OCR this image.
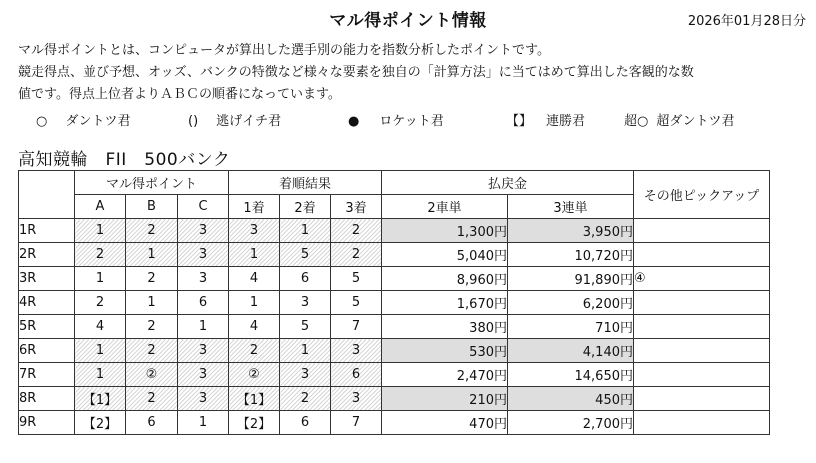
マル得ポイント情報	2026年01月28日分

マル得ポイントとは、コンピュータが算出した選手別の能力を指数分析したポイントです。

競走得点、並び予想、オッズ、バンクの特徴など様々な要素を独自の「計算方法」に当てはめて算出した客観的な数

値です。得点上位者よりＡＢＣの順番になっています。

○ ダントツ君	() 逃げイチ君	● ロケット君	【】 連勝君	超○ 超ダントツ君
高知競輪　FII　500バンク
	マル得ポイント			着順結果			払戻金		その他ピックアップ
	A	B	C	1着	2着	3着	2車単	3連単	
1R	1	2	3	3	1	2	1,300円	3,950円	
2R	2	1	3	1	5	2	5,040円	10,720円	
3R	1	2	3	4	6	5	8,960円	91,890円	④
4R	2	1	6	1	3	5	1,670円	6,200円	
5R	4	2	1	4	5	7	380円	710円	
6R	1	2	3	2	1	3	530円	4,140円	
7R	1	②	3	②	3	6	2,470円	14,650円	
8R	【1】	2	3	【1】	2	3	210円	450円	
9R	【2】	6	1	【2】	6	7	470円	2,700円	
